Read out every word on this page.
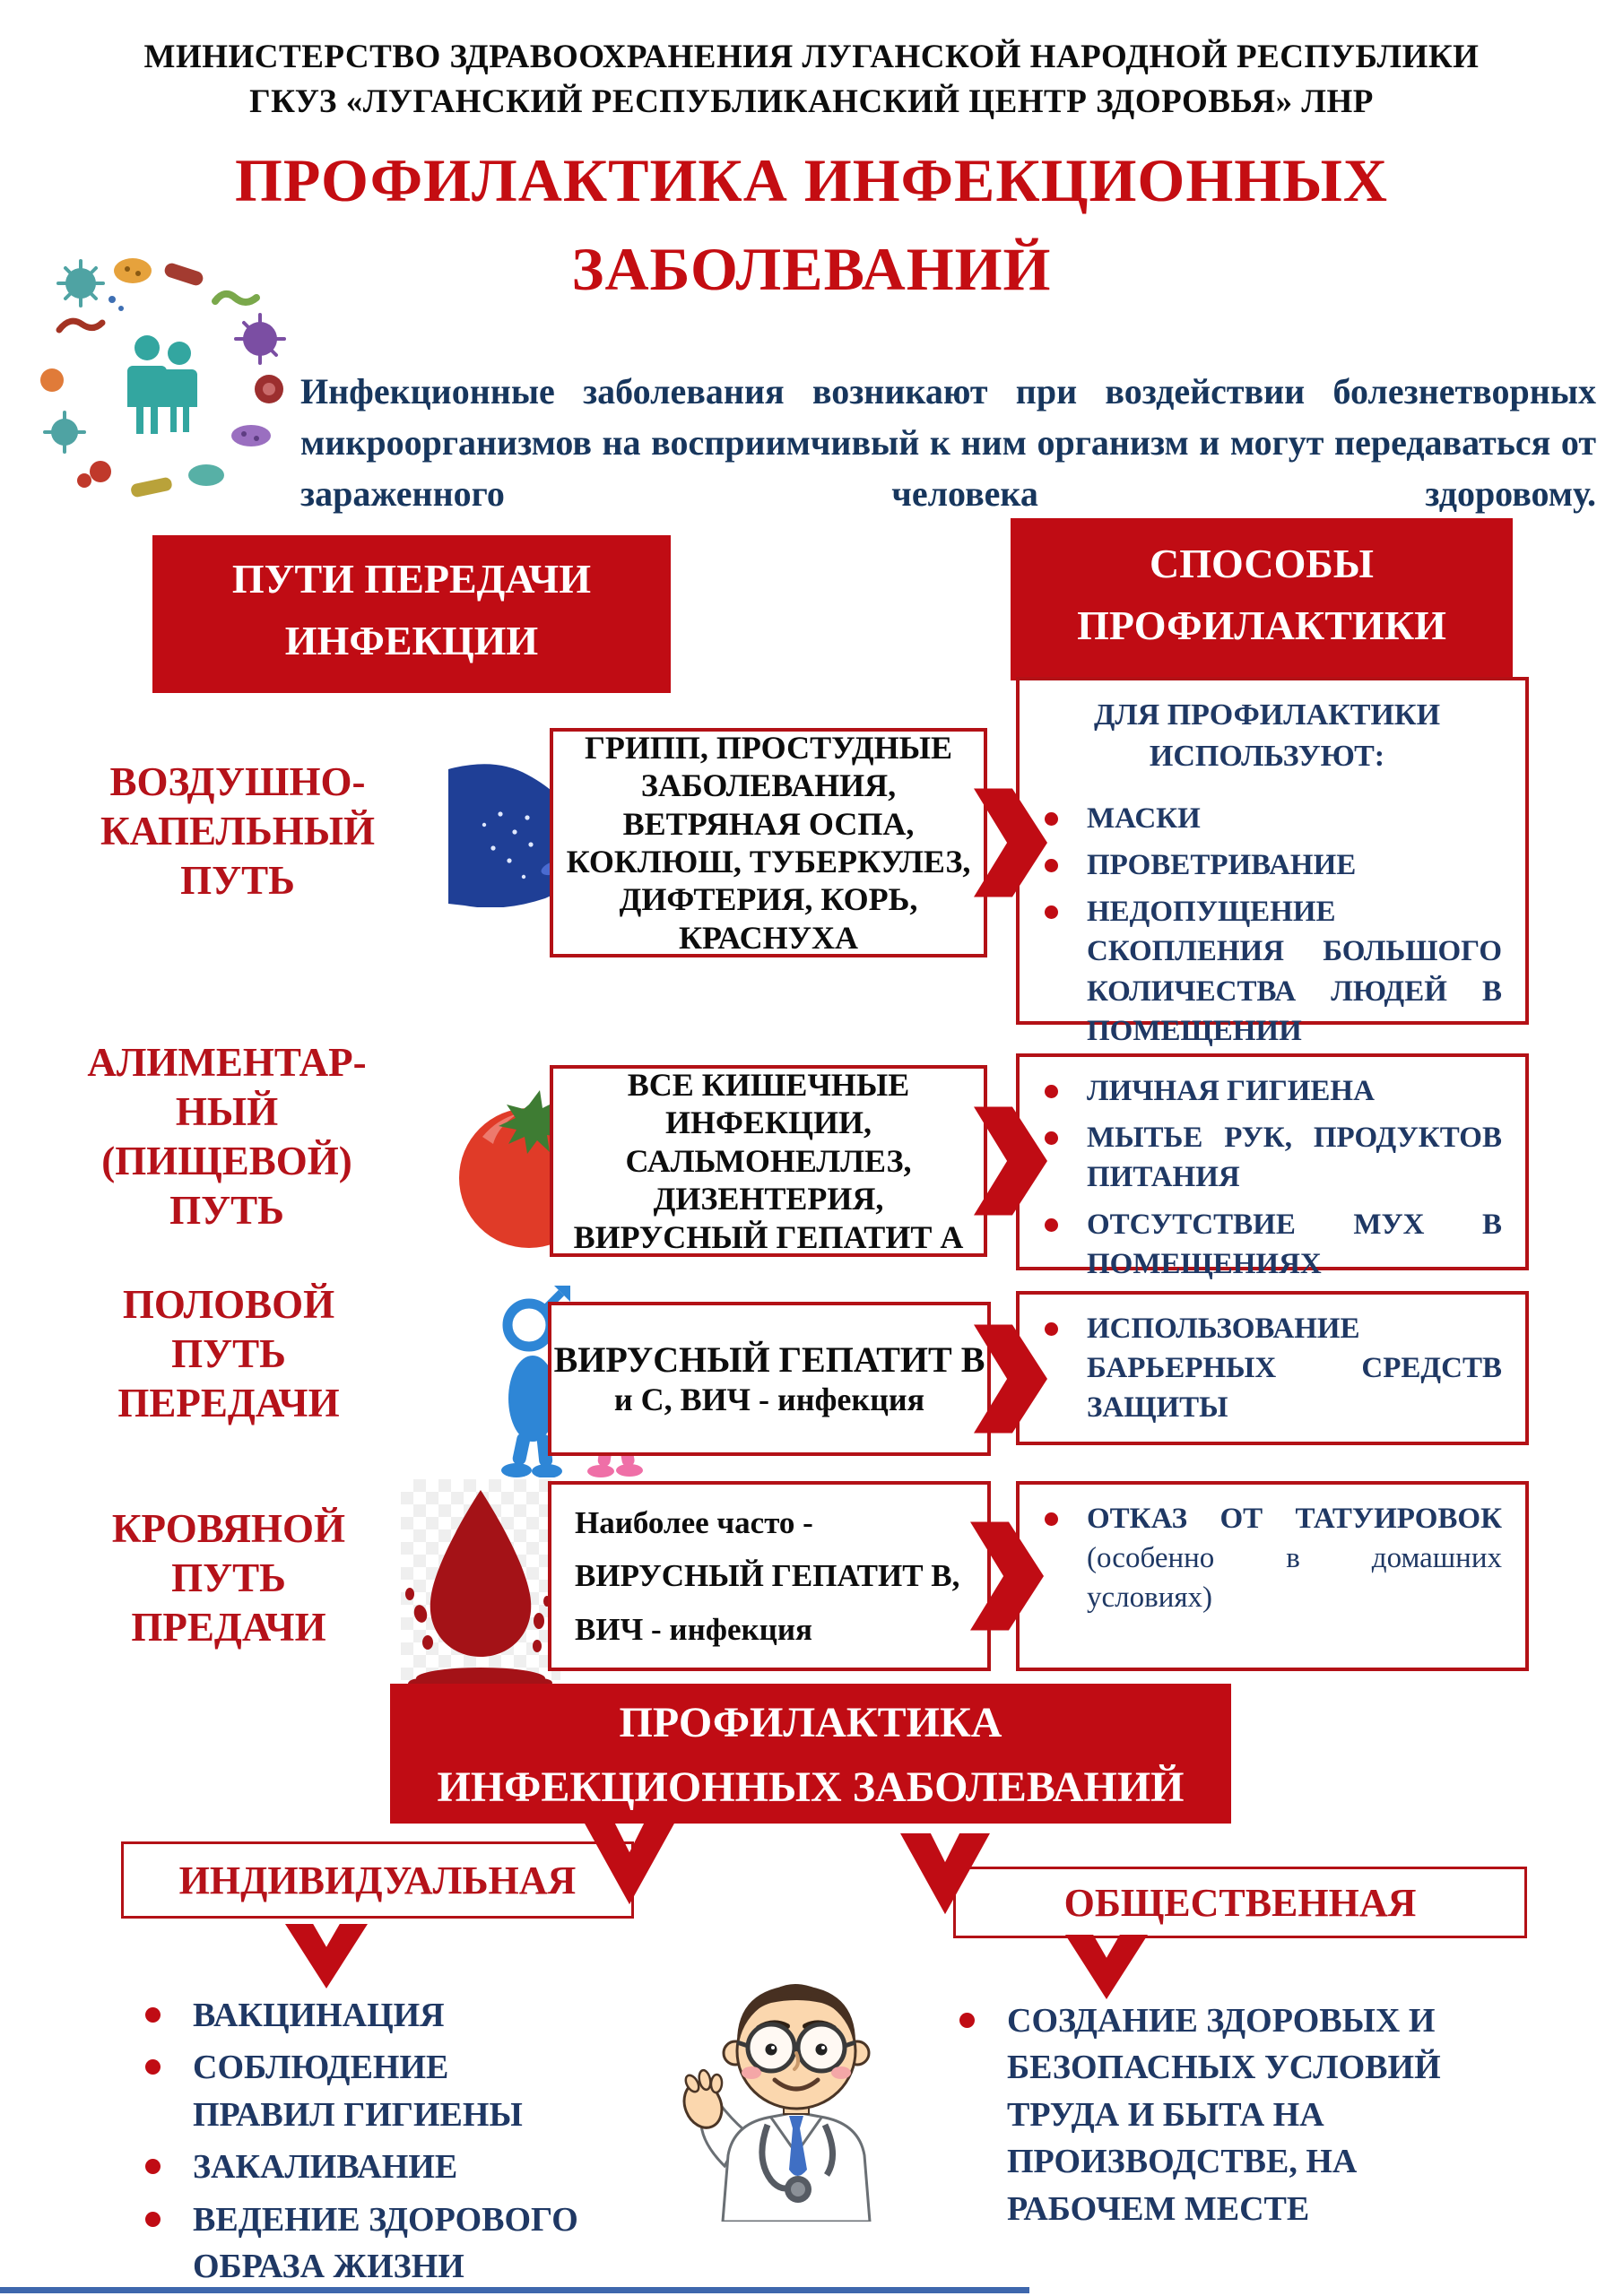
МИНИСТЕРСТВО ЗДРАВООХРАНЕНИЯ ЛУГАНСКОЙ НАРОДНОЙ РЕСПУБЛИКИ
ГКУЗ «ЛУГАНСКИЙ РЕСПУБЛИКАНСКИЙ ЦЕНТР ЗДОРОВЬЯ» ЛНР
ПРОФИЛАКТИКА ИНФЕКЦИОННЫХ
ЗАБОЛЕВАНИЙ
Инфекционные заболевания возникают при воздействии болезнетворных микроорганизмов на восприимчивый к ним организм и могут передаваться от зараженного человека здоровому.
ПУТИ ПЕРЕДАЧИ
ИНФЕКЦИИ
СПОСОБЫ
ПРОФИЛАКТИКИ
ВОЗДУШНО-
КАПЕЛЬНЫЙ
ПУТЬ
ГРИПП, ПРОСТУДНЫЕ
ЗАБОЛЕВАНИЯ,
ВЕТРЯНАЯ ОСПА,
КОКЛЮШ, ТУБЕРКУЛЕЗ,
ДИФТЕРИЯ, КОРЬ,
КРАСНУХА
ДЛЯ ПРОФИЛАКТИКИ
ИСПОЛЬЗУЮТ:
МАСКИ
ПРОВЕТРИВАНИЕ
НЕДОПУЩЕНИЕ СКОПЛЕНИЯ БОЛЬШОГО КОЛИЧЕСТВА ЛЮДЕЙ В ПОМЕЩЕНИИ
АЛИМЕНТАР-
НЫЙ
(ПИЩЕВОЙ)
ПУТЬ
ВСЕ КИШЕЧНЫЕ
ИНФЕКЦИИ,
САЛЬМОНЕЛЛЕЗ,
ДИЗЕНТЕРИЯ,
ВИРУСНЫЙ ГЕПАТИТ А
ЛИЧНАЯ ГИГИЕНА
МЫТЬЕ РУК, ПРОДУКТОВ ПИТАНИЯ
ОТСУТСТВИЕ МУХ В ПОМЕЩЕНИЯХ
ПОЛОВОЙ
ПУТЬ
ПЕРЕДАЧИ
ВИРУСНЫЙ ГЕПАТИТ В
и С, ВИЧ - инфекция
ИСПОЛЬЗОВАНИЕ БАРЬЕРНЫХ СРЕДСТВ ЗАЩИТЫ
КРОВЯНОЙ
ПУТЬ
ПРЕДАЧИ
Наиболее часто -
ВИРУСНЫЙ ГЕПАТИТ В,
ВИЧ - инфекция
ОТКАЗ ОТ ТАТУИРОВОК (особенно в домашних условиях)
ПРОФИЛАКТИКА
ИНФЕКЦИОННЫХ ЗАБОЛЕВАНИЙ
ИНДИВИДУАЛЬНАЯ
ОБЩЕСТВЕННАЯ
ВАКЦИНАЦИЯ
СОБЛЮДЕНИЕ ПРАВИЛ ГИГИЕНЫ
ЗАКАЛИВАНИЕ
ВЕДЕНИЕ ЗДОРОВОГО ОБРАЗА ЖИЗНИ
СОЗДАНИЕ ЗДОРОВЫХ И БЕЗОПАСНЫХ УСЛОВИЙ ТРУДА И БЫТА НА ПРОИЗВОДСТВЕ, НА РАБОЧЕМ МЕСТЕ
